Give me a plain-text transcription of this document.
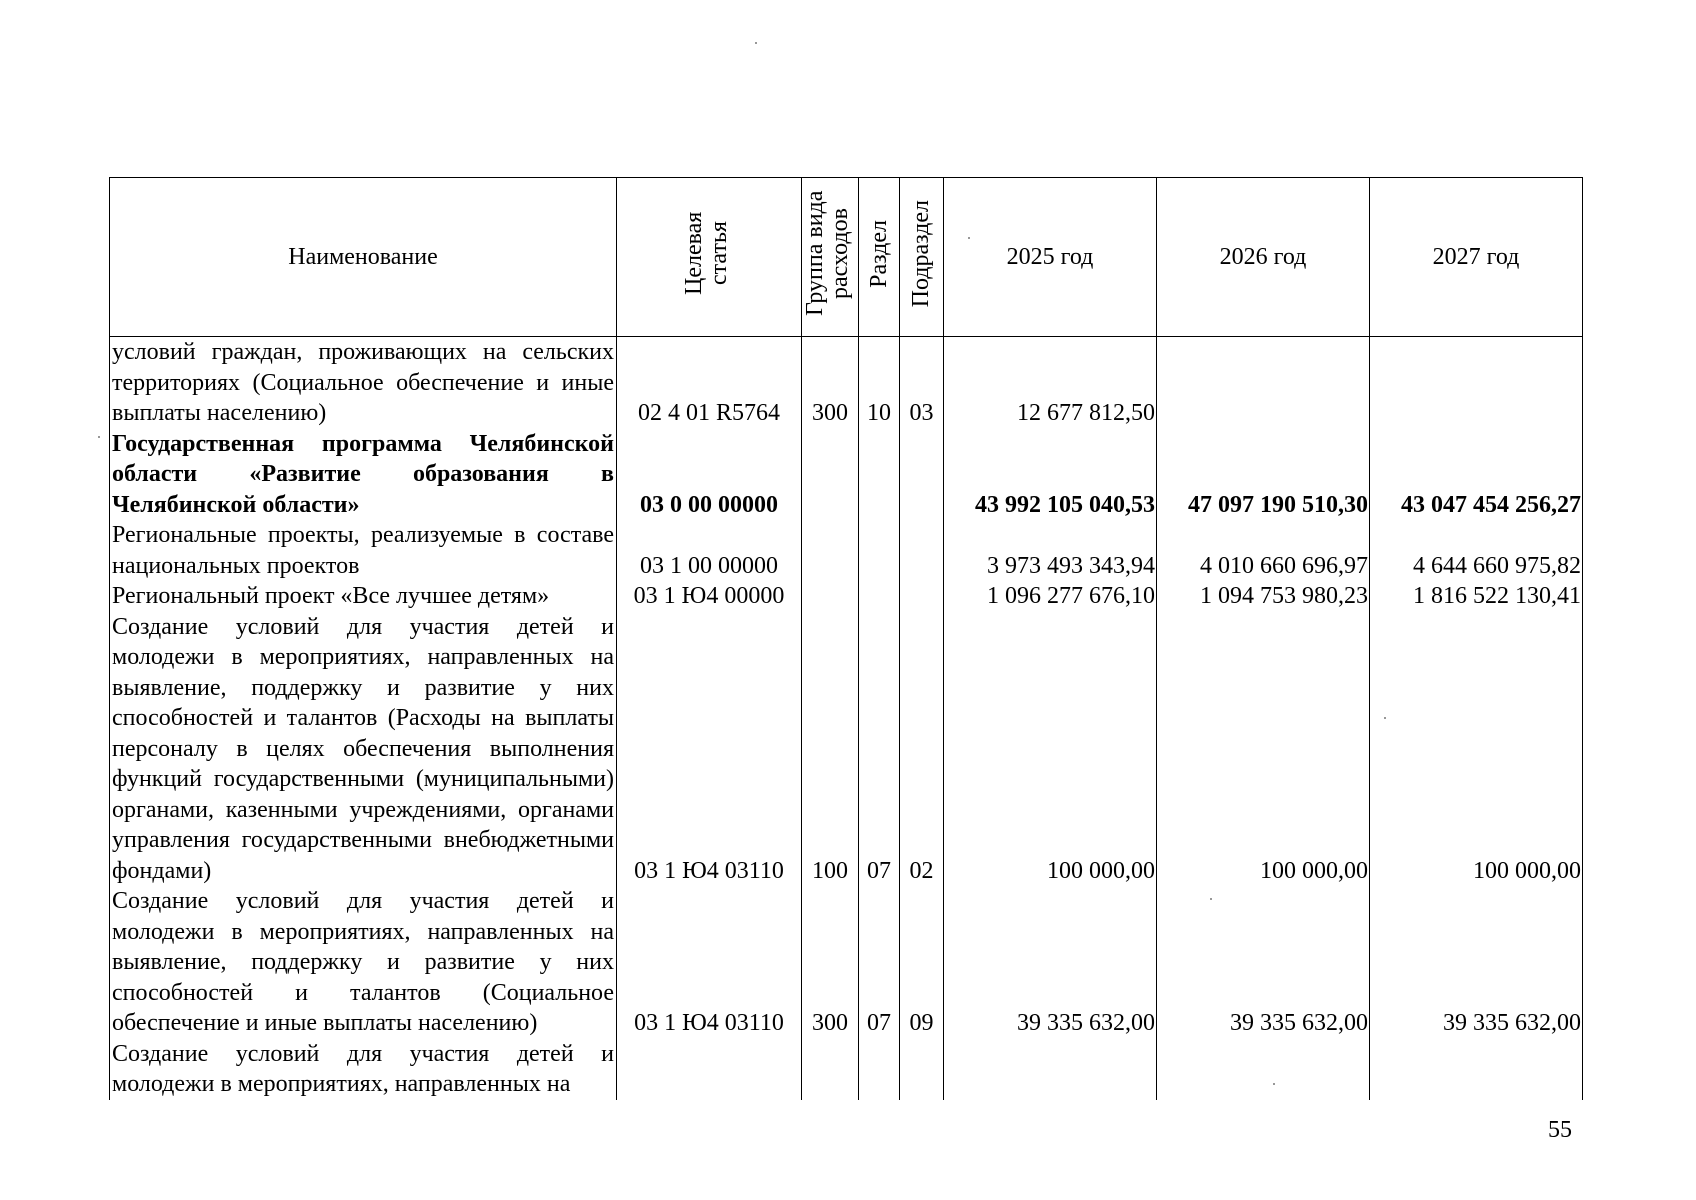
Наименование	Целевая статья	Группа вида расходов	Раздел	Подраздел	2025 год	2026 год	2027 год
условий граждан, проживающих на сельских территориях (Социальное обеспечение и иные выплаты населению)	02 4 01 R5764	300	10	03	12 677 812,50		
Государственная программа Челябинской области «Развитие образования в Челябинской области»	03 0 00 00000				43 992 105 040,53	47 097 190 510,30	43 047 454 256,27
Региональные проекты, реализуемые в составе национальных проектов	03 1 00 00000				3 973 493 343,94	4 010 660 696,97	4 644 660 975,82
Региональный проект «Все лучшее детям»	03 1 Ю4 00000				1 096 277 676,10	1 094 753 980,23	1 816 522 130,41
Создание условий для участия детей и молодежи в мероприятиях, направленных на выявление, поддержку и развитие у них способностей и талантов (Расходы на выплаты персоналу в целях обеспечения выполнения функций государственными (муниципальными) органами, казенными учреждениями, органами управления государственными внебюджетными фондами)	03 1 Ю4 03110	100	07	02	100 000,00	100 000,00	100 000,00
Создание условий для участия детей и молодежи в мероприятиях, направленных на выявление, поддержку и развитие у них способностей и талантов (Социальное обеспечение и иные выплаты населению)	03 1 Ю4 03110	300	07	09	39 335 632,00	39 335 632,00	39 335 632,00
Создание условий для участия детей и молодежи в мероприятиях, направленных на							
55
